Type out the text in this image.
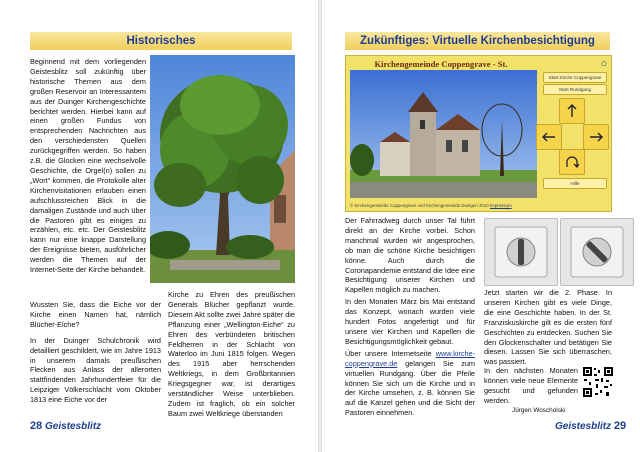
Historisches

Beginnend mit dem vorliegenden Geistesblitz soll zukünftig über historische Themen aus dem großen Reservoir an Interessantem aus der Duinger Kirchengeschichte berichtet werden. Hierbei kann auf einen großen Fundus von entsprechenden Nachrichten aus den verschiedensten Quellen zurückgegriffen werden. So haben z.B. die Glocken eine wechselvolle Geschichte, die Orgel(n) sollen zu „Wort“ kommen, die Protokolle alter Kirchenvisitationen erlauben einen aufschlussreichen Blick in die damaligen Zustände und auch über die Pastoren gibt es einiges zu erzählen, etc. etc. Der Geistesblitz kann nur eine knappe Darstellung der Ereignisse bieten, ausführlicher werden die Themen auf der Internet-Seite der Kirche behandelt.

Wussten Sie, dass die Eiche vor der Kirche einen Namen hat, nämlich Blücher-Eiche?

In der Duinger Schulchronik wird detailliert geschildert, wie im Jahre 1913 in unserem damals preußischen Flecken aus Anlass der allerorten stattfindenden Jahrhundertfeier für die Leipziger Völkerschlacht vom Oktober 1813 eine Eiche vor der

Kirche zu Ehren des preußischen Generals Blücher gepflanzt wurde. Diesem Akt sollte zwei Jahre später die Pflanzung einer „Wellington-Eiche“ zu Ehren des verbündeten britischen Feldherren in der Schlacht von Waterloo im Juni 1815 folgen. Wegen des 1915 aber herrschenden Weltkriegs, in dem Großbritannien Kriegsgegner war, ist derartiges verständlicher Weise unterblieben. Zudem ist fraglich, ob ein solcher Baum zwei Weltkriege überstanden

28 Geistesblitz
Zukünftiges: Virtuelle Kirchenbesichtigung
Kirchengemeinde Coppengrave - St.	⌂
Start Kirche Coppengrave
Start Rundgang
Hilfe
© Kirchengemeinde Coppengrave und Kirchengemeinde Duingen 2010 Impressum

Der Fahrradweg durch unser Tal führt direkt an der Kirche vorbei. Schon manchmal wurden wir angesprochen, ob man die schöne Kirche besichtigen könne. Auch durch die Coronapandemie entstand die Idee eine Besichtigung unserer Kirchen und Kapellen möglich zu machen.

In den Monaten März bis Mai entstand das Konzept, wonach wurden viele hundert Fotos angefertigt und für unsere vier Kirchen und Kapellen die Besichtigungsmöglichkeit gebaut.

Über unsere Internetseite www.kirche-coppengrave.de gelangen Sie zum virtuellen Rundgang. Über die Pfeile können Sie sich um die Kirche und in der Kirche umsehen, z. B. können Sie auf die Kanzel gehen und die Sicht der Pastoren einnehmen.

Jetzt starten wir die 2. Phase. In unseren Kirchen gibt es viele Dinge, die eine Geschichte haben. In der St. Franziskuskirche gilt es die ersten fünf Geschichten zu entdecken. Suchen Sie den Glockenschalter und betätigen Sie diesen. Lassen Sie sich überraschen, was passiert.

In den nächsten Monaten können viele neue Elemente gesucht und gefunden werden.

Jürgen Woscholski
Geistesblitz 29
